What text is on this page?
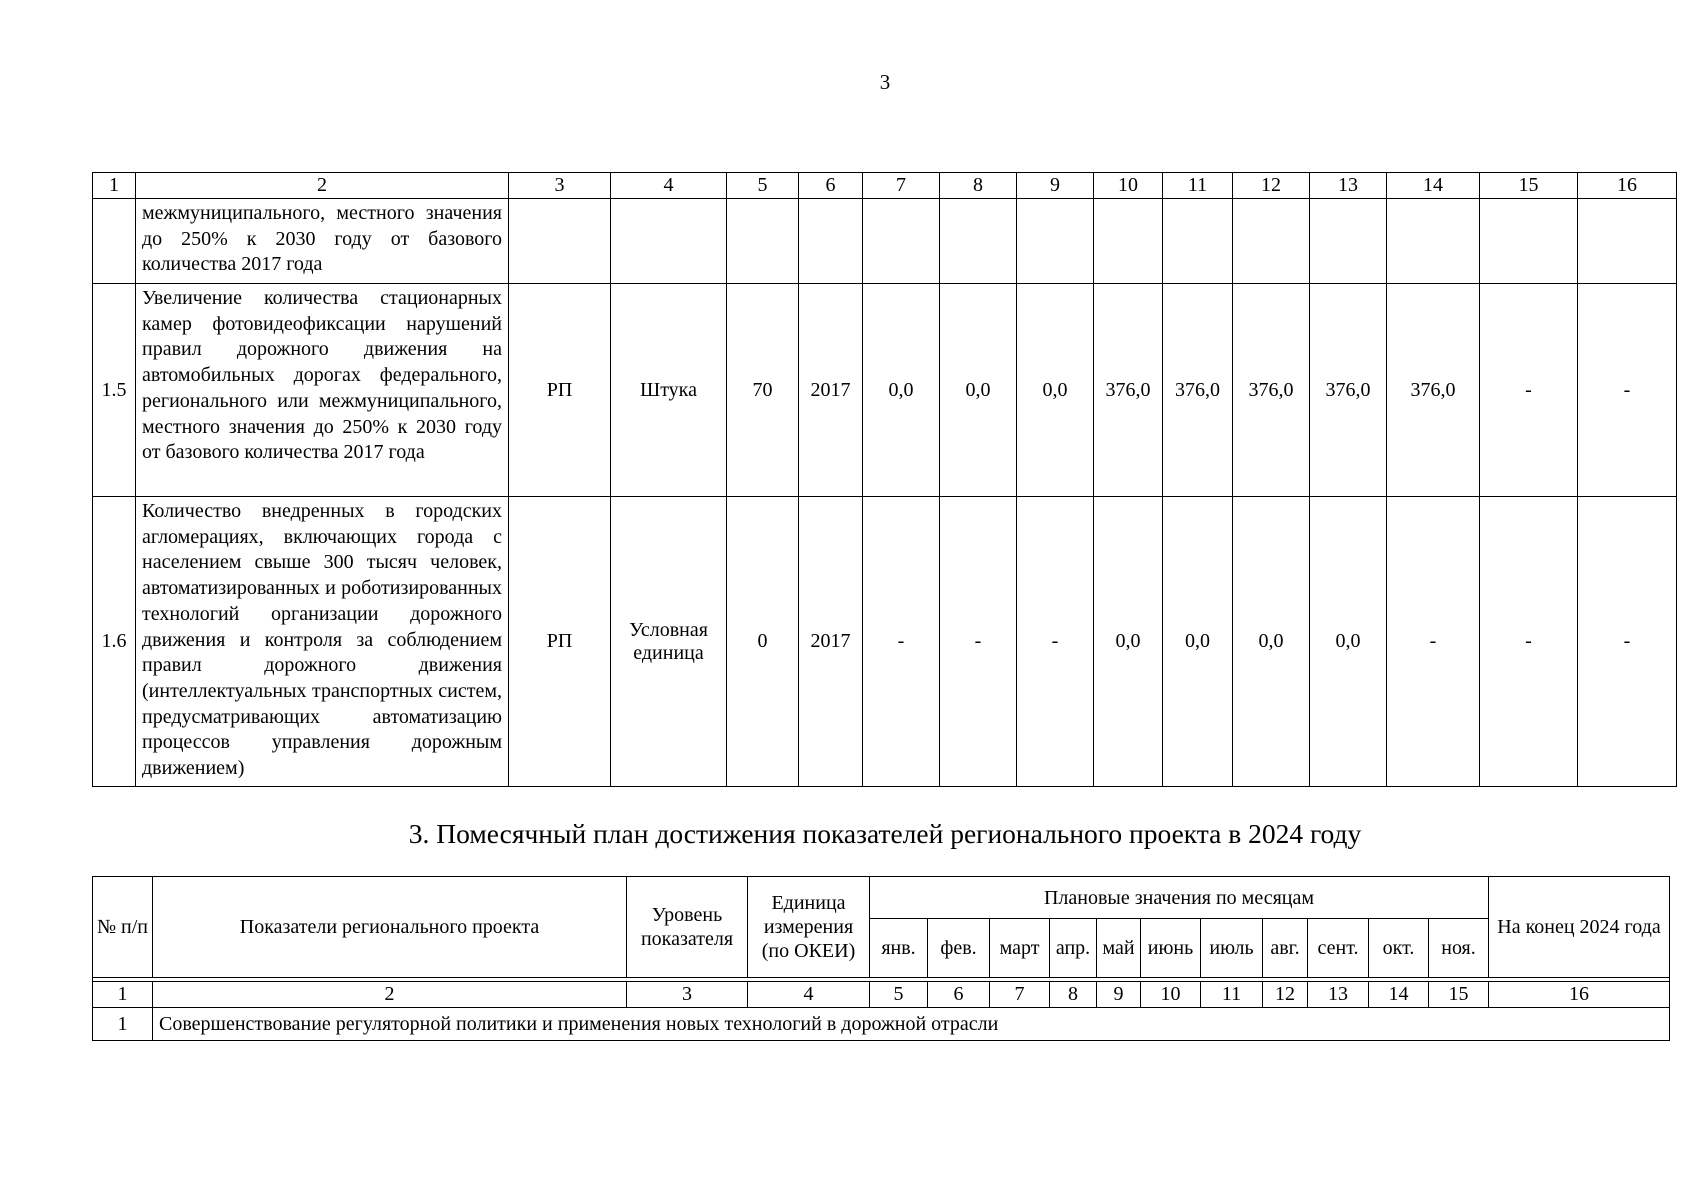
3
1	2	3	4	5	6	7	8	9	10	11	12	13	14	15	16
	межмуниципального, местного значения до 250% к 2030 году от базового количества 2017 года														
1.5	Увеличение количества стационарных камер фотовидеофиксации нарушений правил дорожного движения на автомобильных дорогах федерального, регионального или межмуниципального, местного значения до 250% к 2030 году от базового количества 2017 года	РП	Штука	70	2017	0,0	0,0	0,0	376,0	376,0	376,0	376,0	376,0	-	-
1.6	Количество внедренных в городских агломерациях, включающих города с населением свыше 300 тысяч человек, автоматизированных и роботизированных технологий организации дорожного движения и контроля за соблюдением правил дорожного движения (интеллектуальных транспортных систем, предусматривающих автоматизацию процессов управления дорожным движением)	РП	Условная единица	0	2017	-	-	-	0,0	0,0	0,0	0,0	-	-	-
3. Помесячный план достижения показателей регионального проекта в 2024 году
№ п/п	Показатели регионального проекта	Уровень показателя	Единица измерения (по ОКЕИ)	Плановые значения по месяцам											На конец 2024 года
				янв.	фев.	март	апр.	май	июнь	июль	авг.	сент.	окт.	ноя.	

1	2	3	4	5	6	7	8	9	10	11	12	13	14	15	16
1	Совершенствование регуляторной политики и применения новых технологий в дорожной отрасли														
